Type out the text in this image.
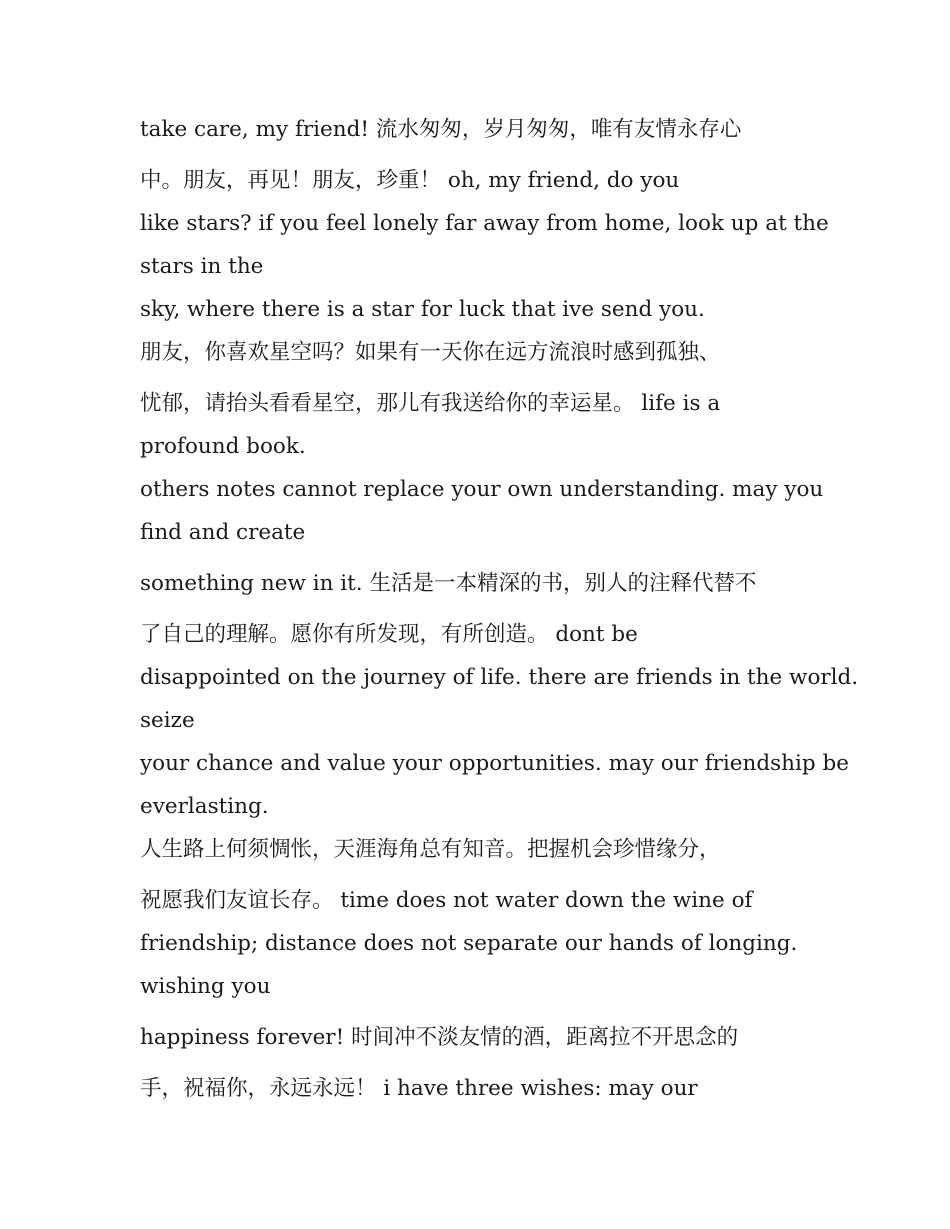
take care, my friend! 流水匆匆，岁月匆匆，唯有友情永存心
中。朋友，再见！朋友，珍重！ oh, my friend, do you
like stars? if you feel lonely far away from home, look up at the
stars in the
sky, where there is a star for luck that ive send you.
朋友，你喜欢星空吗？如果有一天你在远方流浪时感到孤独、
忧郁，请抬头看看星空，那儿有我送给你的幸运星。 life is a
profound book.
others notes cannot replace your own understanding. may you
find and create
something new in it. 生活是一本精深的书，别人的注释代替不
了自己的理解。愿你有所发现，有所创造。 dont be
disappointed on the journey of life. there are friends in the world.
seize
your chance and value your opportunities. may our friendship be
everlasting.
人生路上何须惆怅，天涯海角总有知音。把握机会珍惜缘分，
祝愿我们友谊长存。 time does not water down the wine of
friendship; distance does not separate our hands of longing.
wishing you
happiness forever! 时间冲不淡友情的酒，距离拉不开思念的
手，祝福你，永远永远！ i have three wishes: may our
